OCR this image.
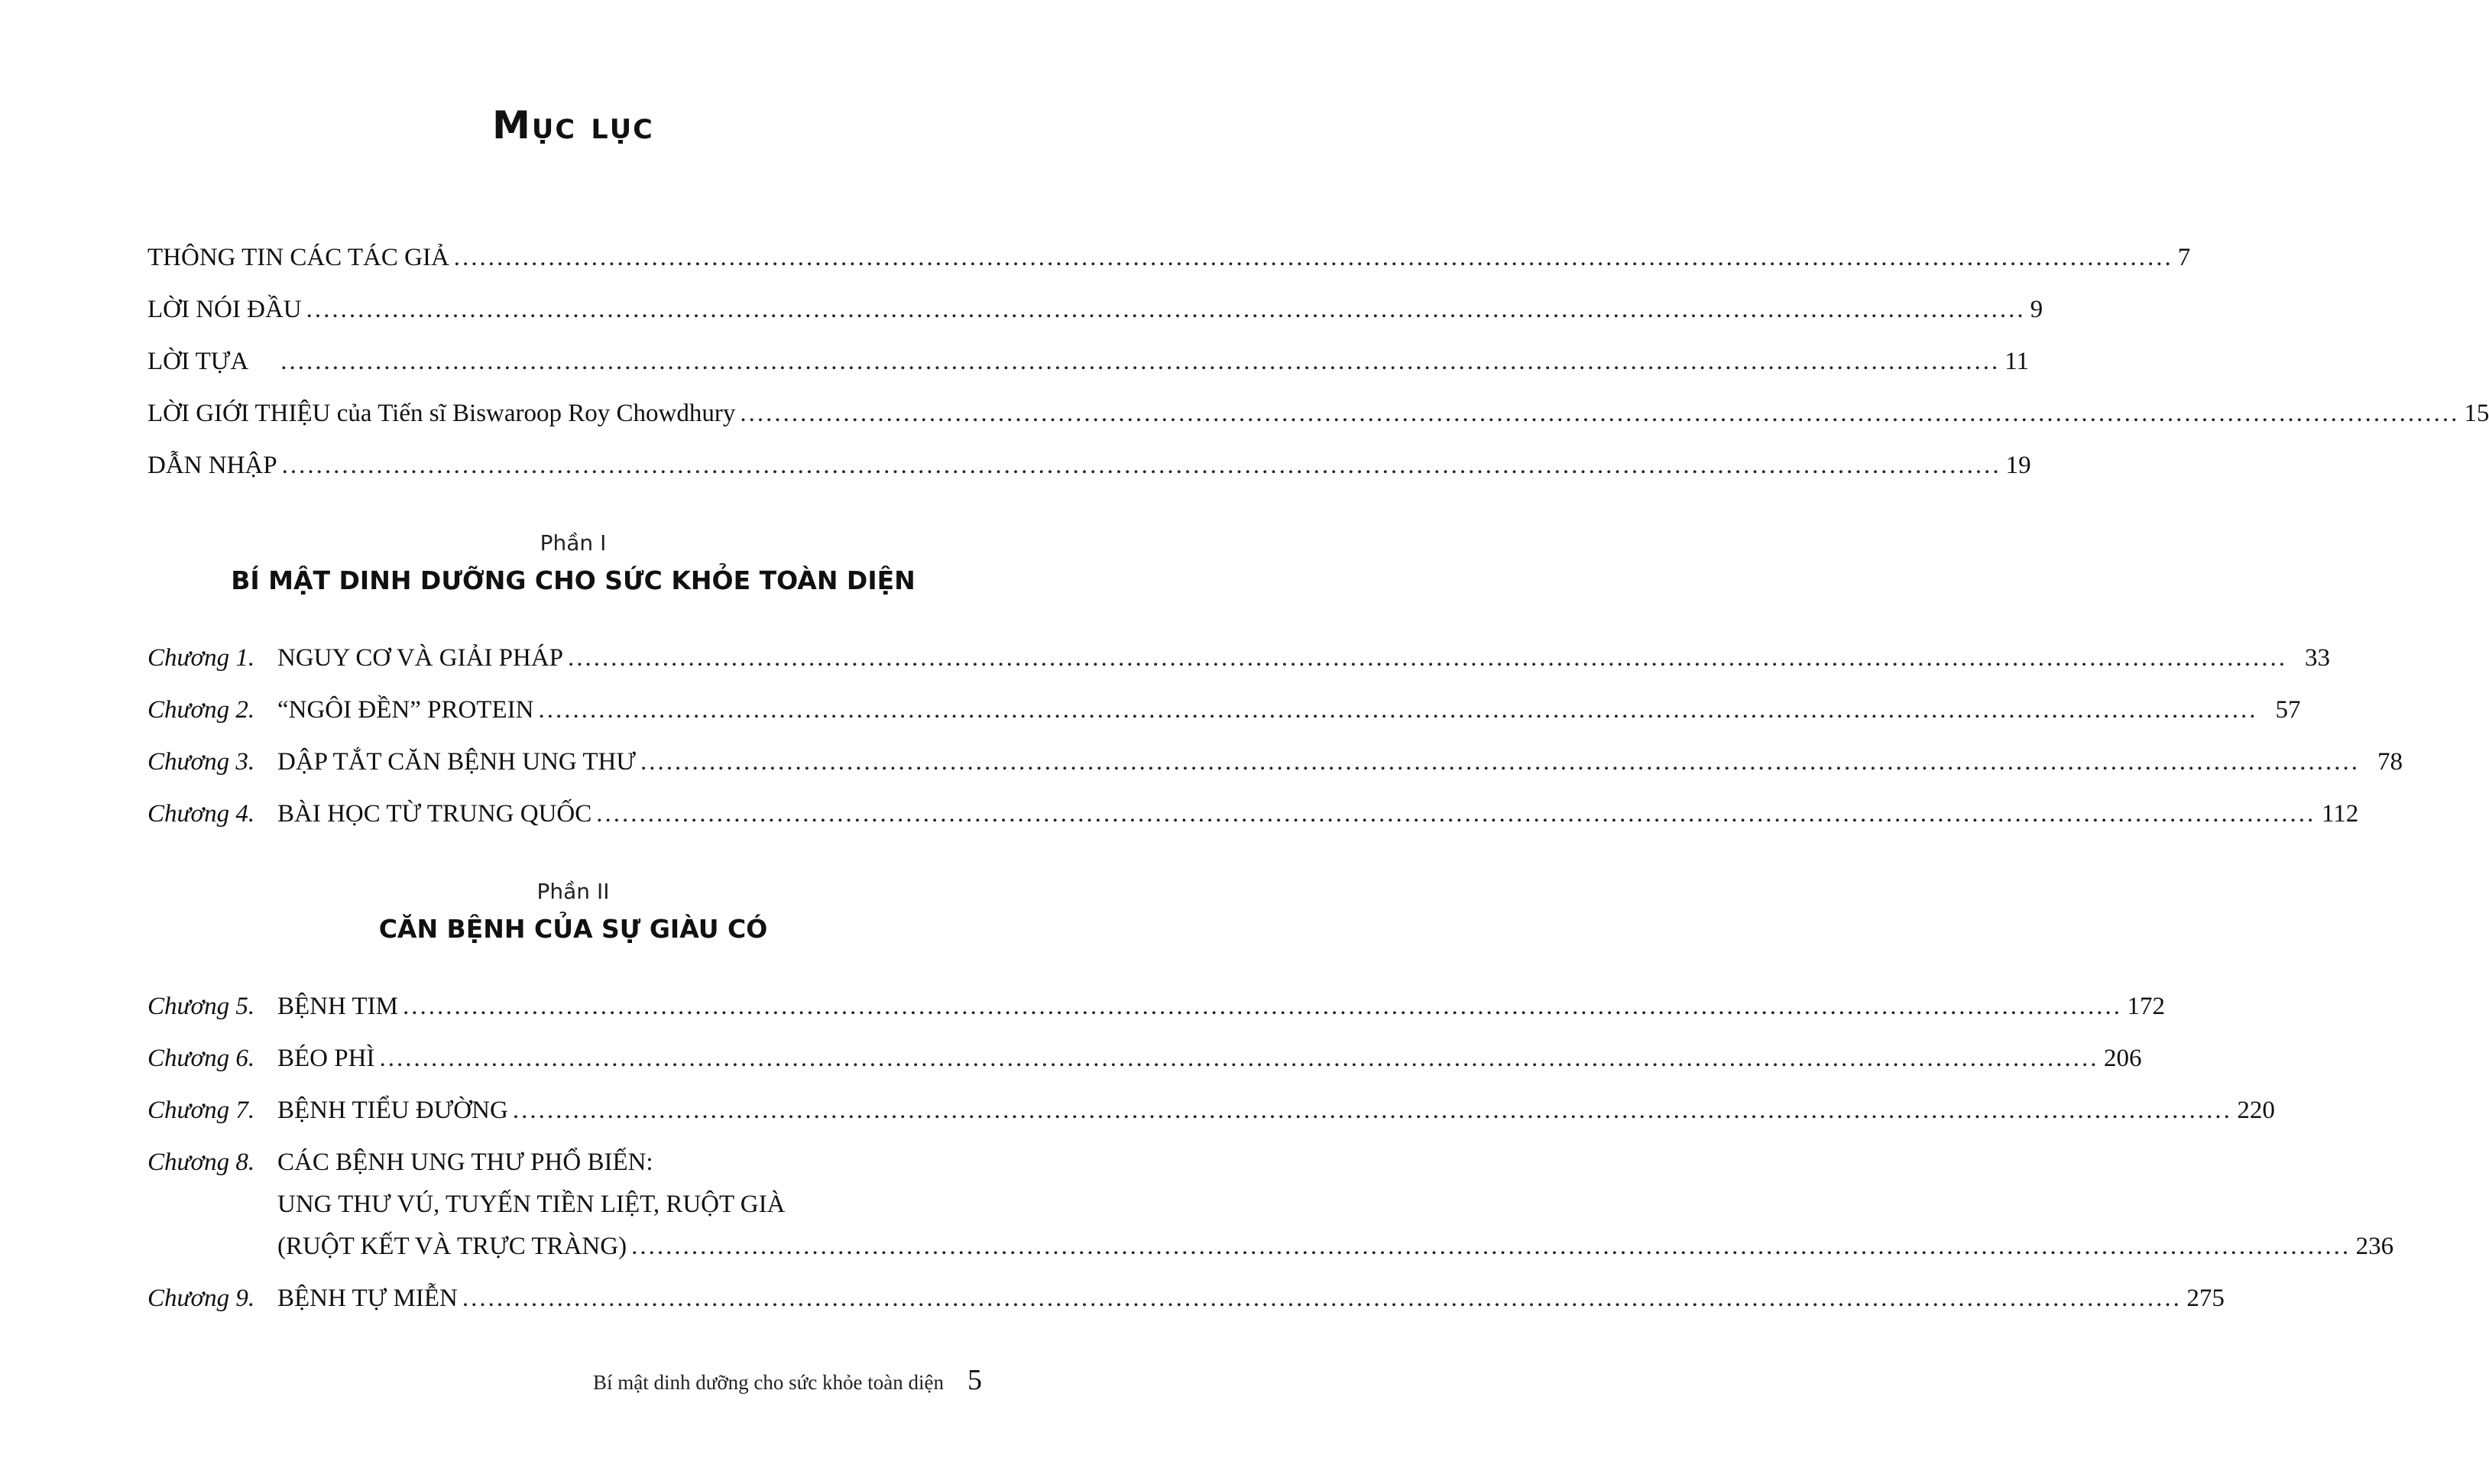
Mục lục
THÔNG TIN CÁC TÁC GIẢ ........................................................................................................................................................................................................ 7
LỜI NÓI ĐẦU ........................................................................................................................................................................................................ 9
LỜI TỰA ........................................................................................................................................................................................................ 11
LỜI GIỚI THIỆU của Tiến sĩ Biswaroop Roy Chowdhury ........................................................................................................................................................................................................ 15
DẪN NHẬP ........................................................................................................................................................................................................ 19
Phần I
BÍ MẬT DINH DƯỠNG CHO SỨC KHỎE TOÀN DIỆN
Chương 1. NGUY CƠ VÀ GIẢI PHÁP ........................................................................................................................................................................................................ 33
Chương 2. “NGÔI ĐỀN” PROTEIN ........................................................................................................................................................................................................ 57
Chương 3. DẬP TẮT CĂN BỆNH UNG THƯ ........................................................................................................................................................................................................ 78
Chương 4. BÀI HỌC TỪ TRUNG QUỐC ........................................................................................................................................................................................................ 112
Phần II
CĂN BỆNH CỦA SỰ GIÀU CÓ
Chương 5. BỆNH TIM ........................................................................................................................................................................................................ 172
Chương 6. BÉO PHÌ ........................................................................................................................................................................................................ 206
Chương 7. BỆNH TIỂU ĐƯỜNG ........................................................................................................................................................................................................ 220
Chương 8. CÁC BỆNH UNG THƯ PHỔ BIẾN:
UNG THƯ VÚ, TUYẾN TIỀN LIỆT, RUỘT GIÀ
(RUỘT KẾT VÀ TRỰC TRÀNG) ........................................................................................................................................................................................................ 236
Chương 9. BỆNH TỰ MIỄN ........................................................................................................................................................................................................ 275
Bí mật dinh dưỡng cho sức khỏe toàn diện 5
